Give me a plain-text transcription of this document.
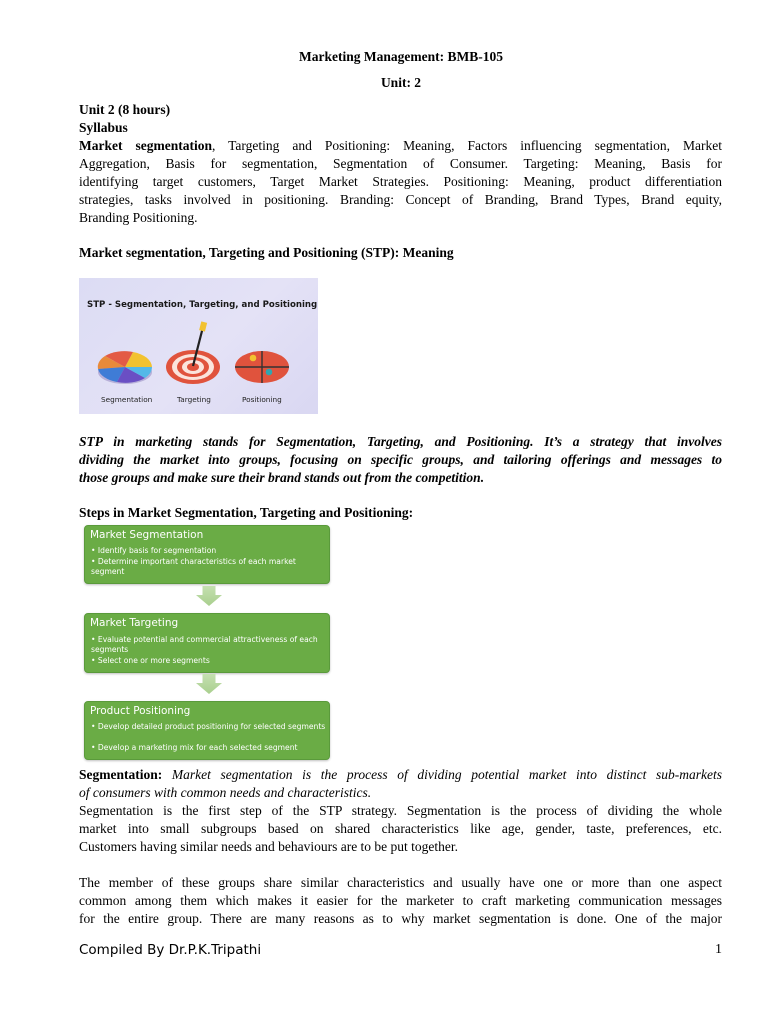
Marketing Management: BMB-105
Unit: 2
Unit 2 (8 hours)
Syllabus
Market segmentation, Targeting and Positioning: Meaning, Factors influencing segmentation, Market
Aggregation, Basis for segmentation, Segmentation of Consumer. Targeting: Meaning, Basis for
identifying target customers, Target Market Strategies. Positioning: Meaning, product differentiation
strategies, tasks involved in positioning. Branding: Concept of Branding, Brand Types, Brand equity,
Branding Positioning.
Market segmentation, Targeting and Positioning (STP): Meaning
STP - Segmentation, Targeting, and Positioning
Segmentation	Targeting	Positioning
STP in marketing stands for Segmentation, Targeting, and Positioning. It’s a strategy that involves
dividing the market into groups, focusing on specific groups, and tailoring offerings and messages to
those groups and make sure their brand stands out from the competition.
Steps in Market Segmentation, Targeting and Positioning:
Market Segmentation
• Identify basis for segmentation
• Determine important characteristics of each market segment
Market Targeting
• Evaluate potential and commercial attractiveness of each segments
• Select one or more segments
Product Positioning
• Develop detailed product positioning for selected segments
• Develop a marketing mix for each selected segment
Segmentation: Market segmentation is the process of dividing potential market into distinct sub-markets
of consumers with common needs and characteristics.
Segmentation is the first step of the STP strategy. Segmentation is the process of dividing the whole
market into small subgroups based on shared characteristics like age, gender, taste, preferences, etc.
Customers having similar needs and behaviours are to be put together.
The member of these groups share similar characteristics and usually have one or more than one aspect
common among them which makes it easier for the marketer to craft marketing communication messages
for the entire group. There are many reasons as to why market segmentation is done. One of the major
Compiled By Dr.P.K.Tripathi	1
